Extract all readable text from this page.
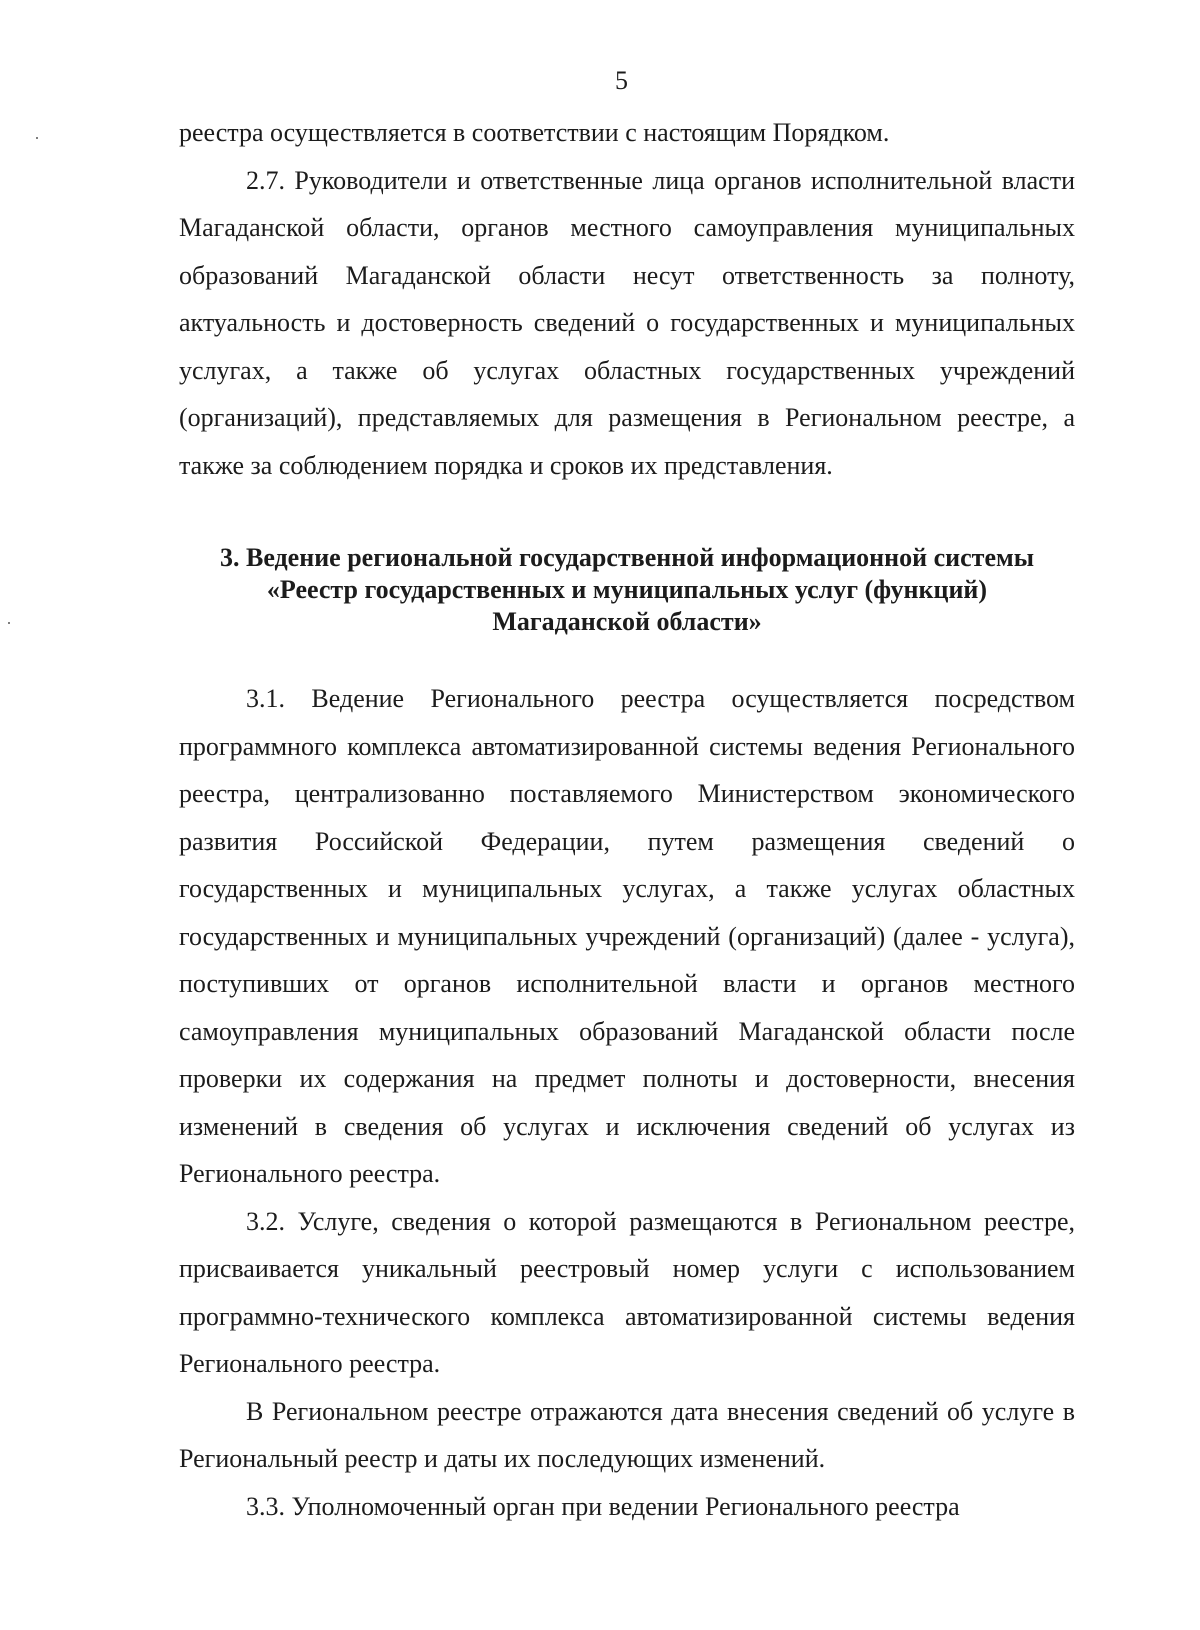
5

реестра осуществляется в соответствии с настоящим Порядком.

2.7. Руководители и ответственные лица органов исполнительной власти Магаданской области, органов местного самоуправления муниципальных образований Магаданской области несут ответственность за полноту, актуальность и достоверность сведений о государственных и муниципальных услугах, а также об услугах областных государственных учреждений (организаций), представляемых для размещения в Региональном реестре, а также за соблюдением порядка и сроков их представления.

3. Ведение региональной государственной информационной системы
«Реестр государственных и муниципальных услуг (функций)
Магаданской области»

3.1. Ведение Регионального реестра осуществляется посредством программного комплекса автоматизированной системы ведения Регионального реестра, централизованно поставляемого Министерством экономического развития Российской Федерации, путем размещения сведений о государственных и муниципальных услугах, а также услугах областных государственных и муниципальных учреждений (организаций) (далее - услуга), поступивших от органов исполнительной власти и органов местного самоуправления муниципальных образований Магаданской области после проверки их содержания на предмет полноты и достоверности, внесения изменений в сведения об услугах и исключения сведений об услугах из Регионального реестра.

3.2. Услуге, сведения о которой размещаются в Региональном реестре, присваивается уникальный реестровый номер услуги с использованием программно-технического комплекса автоматизированной системы ведения Регионального реестра.

В Региональном реестре отражаются дата внесения сведений об услуге в Региональный реестр и даты их последующих изменений.

3.3. Уполномоченный орган при ведении Регионального реестра
